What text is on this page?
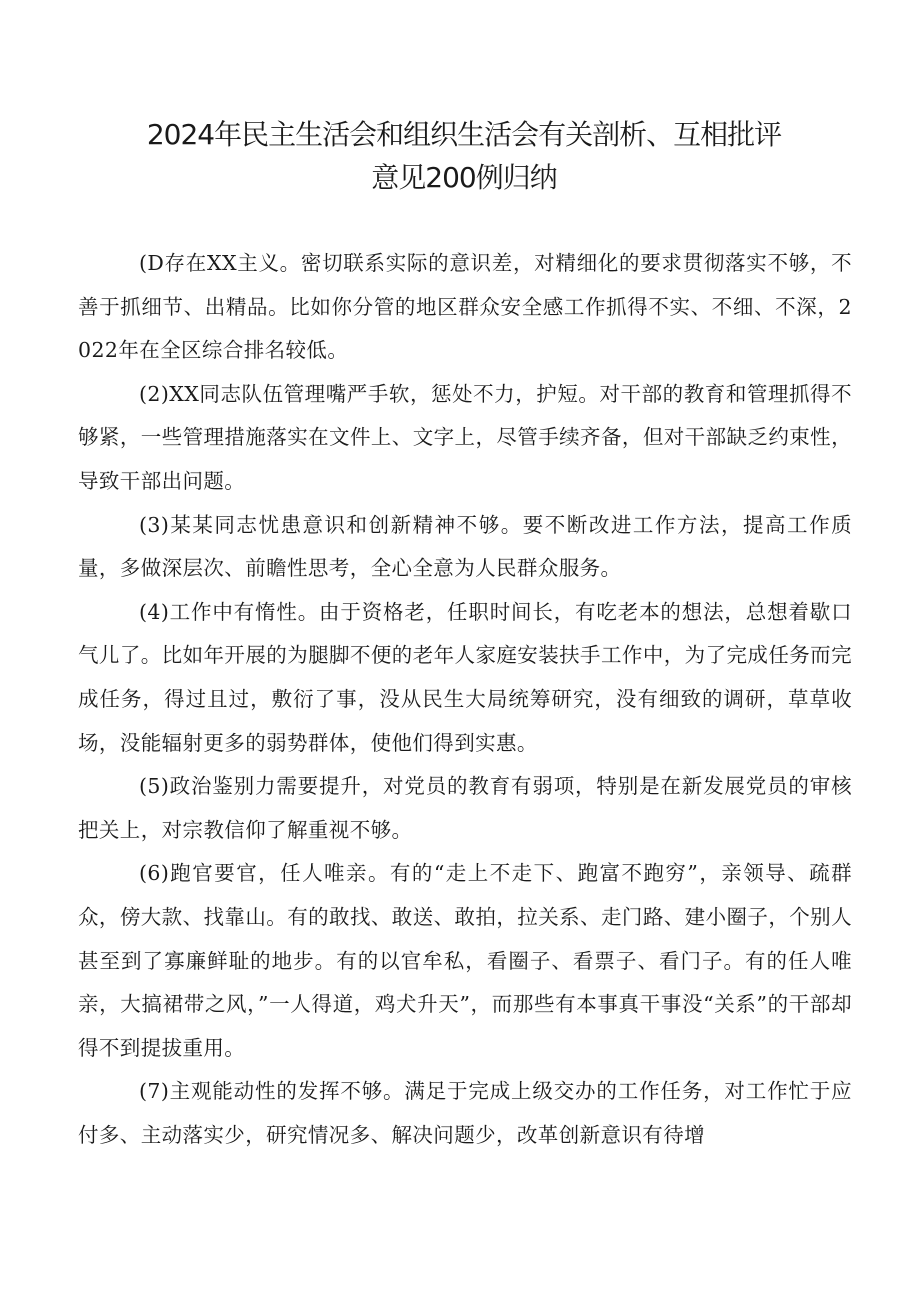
2024年民主生活会和组织生活会有关剖析、互相批评
意见200例归纳

(D存在XX主义。密切联系实际的意识差，对精细化的要求贯彻落实不够，不善于抓细节、出精品。比如你分管的地区群众安全感工作抓得不实、不细、不深，2022年在全区综合排名较低。

(2)XX同志队伍管理嘴严手软，惩处不力，护短。对干部的教育和管理抓得不够紧，一些管理措施落实在文件上、文字上，尽管手续齐备，但对干部缺乏约束性，导致干部出问题。

(3)某某同志忧患意识和创新精神不够。要不断改进工作方法，提高工作质量，多做深层次、前瞻性思考，全心全意为人民群众服务。

(4)工作中有惰性。由于资格老，任职时间长，有吃老本的想法，总想着歇口气儿了。比如年开展的为腿脚不便的老年人家庭安装扶手工作中，为了完成任务而完成任务，得过且过，敷衍了事，没从民生大局统筹研究，没有细致的调研，草草收场，没能辐射更多的弱势群体，使他们得到实惠。

(5)政治鉴别力需要提升，对党员的教育有弱项，特别是在新发展党员的审核把关上，对宗教信仰了解重视不够。

(6)跑官要官，任人唯亲。有的“走上不走下、跑富不跑穷”，亲领导、疏群众，傍大款、找靠山。有的敢找、敢送、敢拍，拉关系、走门路、建小圈子，个别人甚至到了寡廉鲜耻的地步。有的以官牟私，看圈子、看票子、看门子。有的任人唯亲，大搞裙带之风，”一人得道，鸡犬升天”，而那些有本事真干事没“关系”的干部却得不到提拔重用。

(7)主观能动性的发挥不够。满足于完成上级交办的工作任务，对工作忙于应付多、主动落实少，研究情况多、解决问题少，改革创新意识有待增
